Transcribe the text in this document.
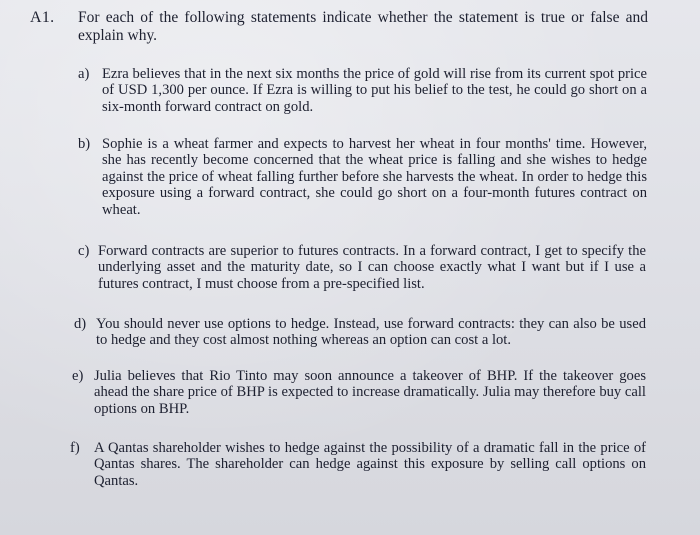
A1. For each of the following statements indicate whether the statement is true or false and explain why.
a) Ezra believes that in the next six months the price of gold will rise from its current spot price of USD 1,300 per ounce. If Ezra is willing to put his belief to the test, he could go short on a six-month forward contract on gold.
b) Sophie is a wheat farmer and expects to harvest her wheat in four months' time. However, she has recently become concerned that the wheat price is falling and she wishes to hedge against the price of wheat falling further before she harvests the wheat. In order to hedge this exposure using a forward contract, she could go short on a four-month futures contract on wheat.
c) Forward contracts are superior to futures contracts. In a forward contract, I get to specify the underlying asset and the maturity date, so I can choose exactly what I want but if I use a futures contract, I must choose from a pre-specified list.
d) You should never use options to hedge. Instead, use forward contracts: they can also be used to hedge and they cost almost nothing whereas an option can cost a lot.
e) Julia believes that Rio Tinto may soon announce a takeover of BHP. If the takeover goes ahead the share price of BHP is expected to increase dramatically. Julia may therefore buy call options on BHP.
f) A Qantas shareholder wishes to hedge against the possibility of a dramatic fall in the price of Qantas shares. The shareholder can hedge against this exposure by selling call options on Qantas.
